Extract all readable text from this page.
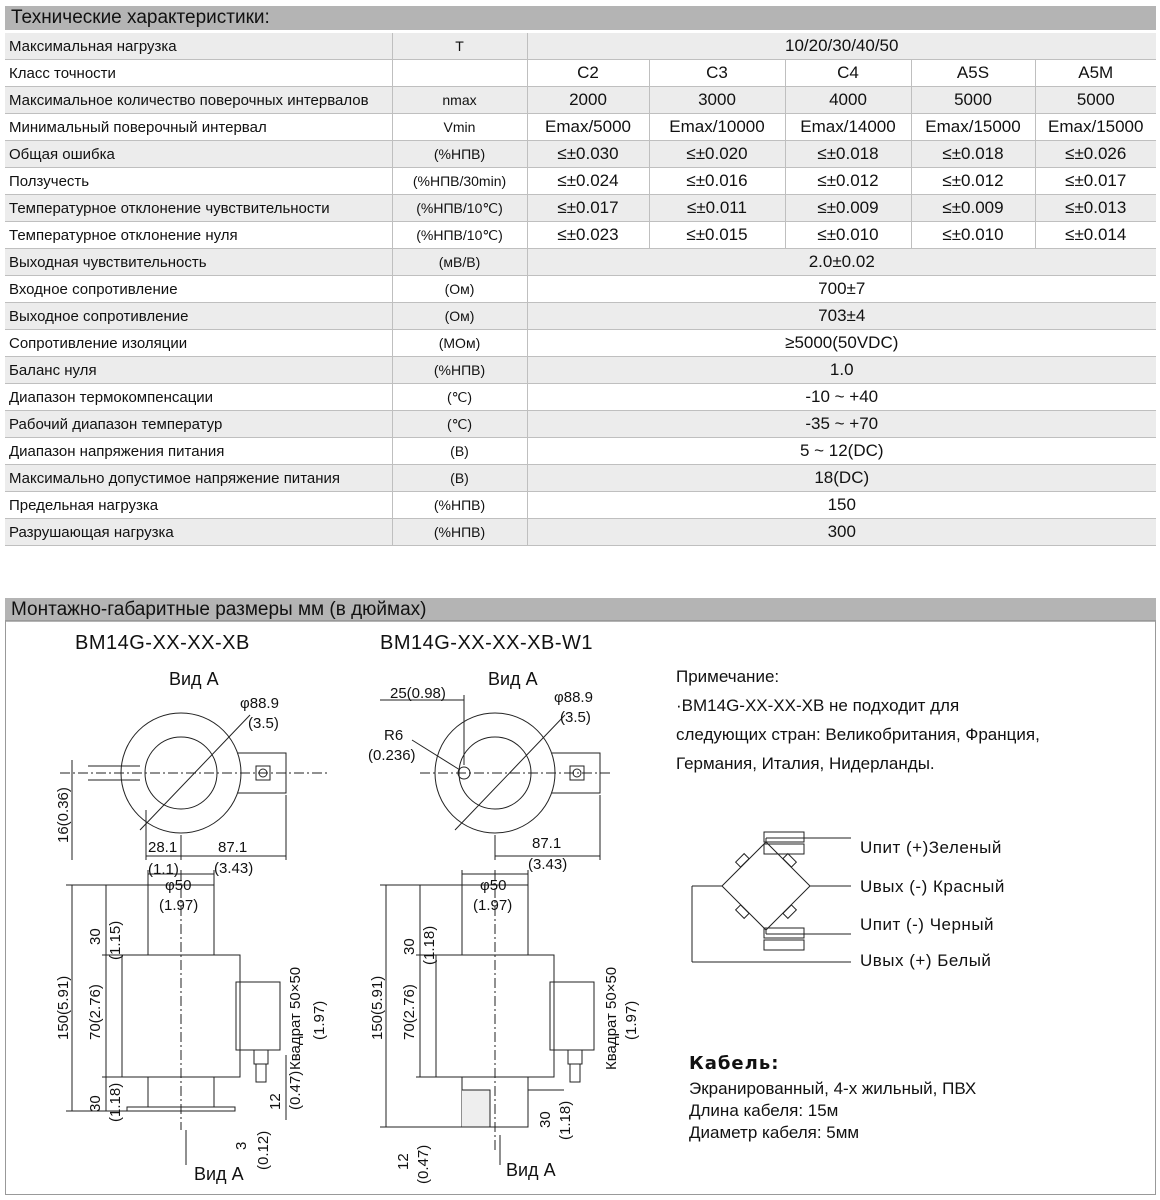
Технические характеристики:
Максимальная нагрузка	Т	10/20/30/40/50				
Класс точности		C2	C3	C4	A5S	A5M
Максимальное количество поверочных интервалов	nmax	2000	3000	4000	5000	5000
Минимальный поверочный интервал	Vmin	Emax/5000	Emax/10000	Emax/14000	Emax/15000	Emax/15000
Общая ошибка	(%НПВ)	≤±0.030	≤±0.020	≤±0.018	≤±0.018	≤±0.026
Ползучесть	(%НПВ/30min)	≤±0.024	≤±0.016	≤±0.012	≤±0.012	≤±0.017
Температурное отклонение чувствительности	(%НПВ/10℃)	≤±0.017	≤±0.011	≤±0.009	≤±0.009	≤±0.013
Температурное отклонение нуля	(%НПВ/10℃)	≤±0.023	≤±0.015	≤±0.010	≤±0.010	≤±0.014
Выходная чувствительность	(мВ/В)	2.0±0.02				
Входное сопротивление	(Ом)	700±7				
Выходное сопротивление	(Ом)	703±4				
Сопротивление изоляции	(МОм)	≥5000(50VDC)				
Баланс нуля	(%НПВ)	1.0				
Диапазон термокомпенсации	(℃)	-10 ~ +40				
Рабочий диапазон температур	(℃)	-35 ~ +70				
Диапазон напряжения питания	(В)	5 ~ 12(DC)				
Максимально допустимое напряжение питания	(В)	18(DC)				
Предельная нагрузка	(%НПВ)	150				
Разрушающая нагрузка	(%НПВ)	300				
Монтажно-габаритные размеры мм (в дюймах)
BM14G-XX-XX-XB	BM14G-XX-XX-XB-W1
Вид A
φ88.9
(3.5)
16(0.36)
28.1
(1.1)
87.1
(3.43)
φ50
(1.97)
30 (1.15)
150(5.91) 70(2.76)	Квадрат 50×50 (1.97)
(0.47)
12
30 (1.18)
3 (0.12)
Вид А
Вид A
25(0.98)	φ88.9
(3.5)
R6
(0.236)
87.1
(3.43)
φ50
(1.97)
30 (1.18)
150(5.91) 70(2.76)	Квадрат 50×50 (1.97)
30 (1.18)
12 (0.47)	Вид А
Примечание:
·BM14G-XX-XX-XB не подходит для
следующих стран: Великобритания, Франция,
Германия, Италия, Нидерланды.
Uпит (+)Зеленый
Uвых (-) Красный
Uпит (-) Черный
Uвых (+) Белый
Кабель:
Экранированный, 4-х жильный, ПВХ
Длина кабеля: 15м
Диаметр кабеля: 5мм
